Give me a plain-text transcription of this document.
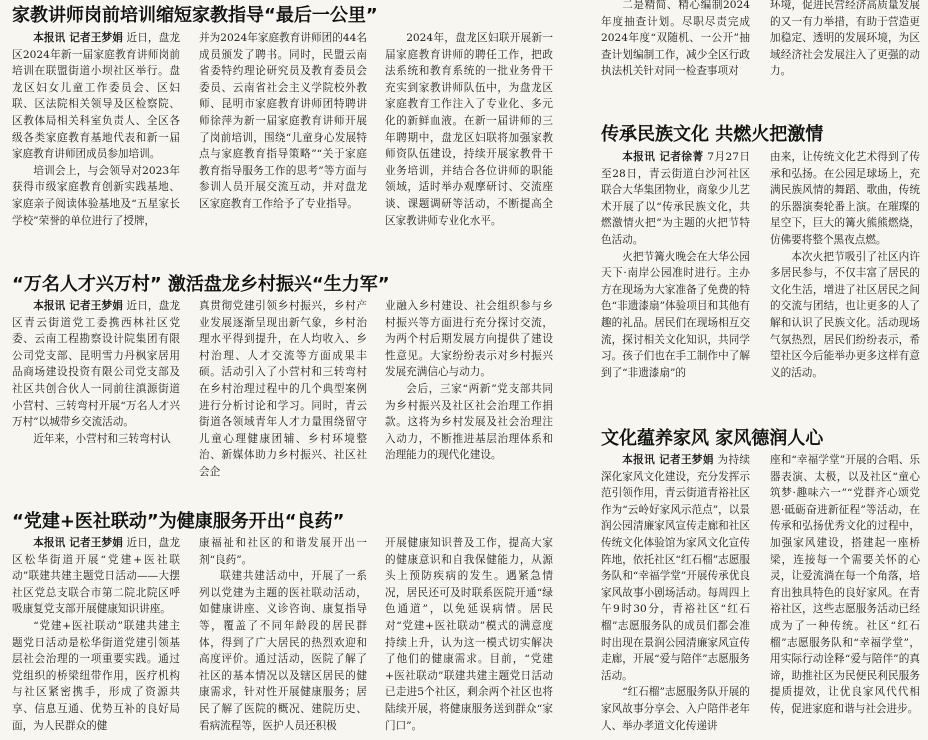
家教讲师岗前培训缩短家教指导“最后一公里”

本报讯 记者王梦娟 近日，盘龙区2024年新一届家庭教育讲师岗前培训在联盟街道小坝社区举行。盘龙区妇女儿童工作委员会、区妇联、区法院相关领导及区检察院、区教体局相关科室负责人、全区各级各类家庭教育基地代表和新一届家庭教育讲师团成员参加培训。

培训会上，与会领导对2023年获得市级家庭教育创新实践基地、家庭亲子阅读体验基地及“五星家长学校”荣誉的单位进行了授牌，

并为2024年家庭教育讲师团的44名成员颁发了聘书。同时，民盟云南省委特约理论研究员及教育委员会委员、云南省社会主义学院校外教师、昆明市家庭教育讲师团特聘讲师徐萍为新一届家庭教育讲师开展了岗前培训，围绕“儿童身心发展特点与家庭教育指导策略”“关于家庭教育指导服务工作的思考”等方面与参训人员开展交流互动，并对盘龙区家庭教育工作给予了专业指导。

2024年，盘龙区妇联开展新一届家庭教育讲师的聘任工作，把政法系统和教育系统的一批业务骨干充实到家教讲师队伍中，为盘龙区家庭教育工作注入了专业化、多元化的新鲜血液。在新一届讲师的三年聘期中，盘龙区妇联将加强家教师资队伍建设，持续开展家教骨干业务培训，并结合各位讲师的职能领域，适时举办观摩研讨、交流座谈、课题调研等活动，不断提高全区家教讲师专业化水平。

“万名人才兴万村” 激活盘龙乡村振兴“生力军”

本报讯 记者王梦娟 近日，盘龙区青云街道党工委携西林社区党委、云南工程勘察设计院集团有限公司党支部、昆明雪力丹枫家居用品商场建设投资有限公司党支部及社区共创合伙人一同前往滇源街道小营村、三转弯村开展“万名人才兴万村”以城带乡交流活动。

近年来，小营村和三转弯村认

真贯彻党建引领乡村振兴，乡村产业发展逐渐呈现出新气象，乡村治理水平得到提升，在人均收入、乡村治理、人才交流等方面成果丰硕。活动引入了小营村和三转弯村在乡村治理过程中的几个典型案例进行分析讨论和学习。同时，青云街道各领域青年人才力量围绕留守儿童心理健康团辅、乡村环境整治、新媒体助力乡村振兴、社区社会企

业融入乡村建设、社会组织参与乡村振兴等方面进行充分探讨交流，为两个村后期发展方向提供了建设性意见。大家纷纷表示对乡村振兴发展充满信心与动力。

会后，三家“两新”党支部共同为乡村振兴及社区社会治理工作捐款。这将为乡村发展及社会治理注入动力，不断推进基层治理体系和治理能力的现代化建设。

“党建+医社联动”为健康服务开出“良药”

本报讯 记者王梦娟 近日，盘龙区松华街道开展“党建+医社联动”联建共建主题党日活动——大摆社区党总支联合市第二院北院区呼吸康复党支部开展健康知识讲座。

“党建+医社联动”联建共建主题党日活动是松华街道党建引领基层社会治理的一项重要实践。通过党组织的桥梁纽带作用，医疗机构与社区紧密携手，形成了资源共享、信息互通、优势互补的良好局面，为人民群众的健

康福祉和社区的和谐发展开出一剂“良药”。

联建共建活动中，开展了一系列以党建为主题的医社联动活动，如健康讲座、义诊咨询、康复指导等，覆盖了不同年龄段的居民群体，得到了广大居民的热烈欢迎和高度评价。通过活动，医院了解了社区的基本情况以及辖区居民的健康需求，针对性开展健康服务；居民了解了医院的概况、建院历史、看病流程等，医护人员还积极

开展健康知识普及工作，提高大家的健康意识和自我保健能力，从源头上预防疾病的发生。遇紧急情况，居民还可及时联系医院开通“绿色通道”，以免延误病情。居民对“党建+医社联动”模式的满意度持续上升，认为这一模式切实解决了他们的健康需求。目前，“党建+医社联动”联建共建主题党日活动已走进5个社区，剩余两个社区也将陆续开展，将健康服务送到群众“家门口”。

二是精简、精心编制2024年度抽查计划。尽职尽责完成2024年度“双随机、一公开”抽查计划编制工作，减少全区行政执法机关针对同一检查事项对

环境，促进民营经济高质量发展的又一有力举措，有助于营造更加稳定、透明的发展环境，为区域经济社会发展注入了更强的动力。

传承民族文化 共燃火把激情

本报讯 记者徐菁 7月27日至28日，青云街道白沙河社区联合大华集团物业，商象少儿艺术开展了以“传承民族文化，共燃激情火把”为主题的火把节特色活动。

火把节篝火晚会在大华公园天下·南岸公园准时进行。主办方在现场为大家准备了免费的特色“非遗漆扇”体验项目和其他有趣的礼品。居民们在现场相互交流，探讨相关文化知识，共同学习。孩子们也在手工制作中了解到了“非遗漆扇”的

由来，让传统文化艺术得到了传承和弘扬。在公园足球场上，充满民族风情的舞蹈、歌曲，传统的乐器演奏轮番上演。在璀璨的星空下，巨大的篝火熊熊燃烧，仿佛要将整个黑夜点燃。

本次火把节吸引了社区内许多居民参与，不仅丰富了居民的文化生活，增进了社区居民之间的交流与团结，也让更多的人了解和认识了民族文化。活动现场气氛热烈，居民们纷纷表示，希望社区今后能举办更多这样有意义的活动。

文化蕴养家风 家风德润人心

本报讯 记者王梦娟 为持续深化家风文化建设，充分发挥示范引领作用，青云街道青裕社区作为“云岭好家风示范点”，以景润公园清廉家风宣传走廊和社区传统文化体验馆为家风文化宣传阵地，依托社区“红石榴”志愿服务队和“幸福学堂”开展传承优良家风故事小剧场活动。每周四上午9时30分，青裕社区“红石榴”志愿服务队的成员们都会准时出现在景润公园清廉家风宣传走廊，开展“爱与陪伴”志愿服务活动。

“红石榴”志愿服务队开展的家风故事分享会、入户陪伴老年人、举办孝道文化传递讲

座和“幸福学堂”开展的合唱、乐器表演、太极，以及社区“童心筑梦·趣味六一”“党群齐心颂党恩·砥砺奋进新征程”等活动，在传承和弘扬优秀文化的过程中，加强家风建设，搭建起一座桥梁，连接每一个需要关怀的心灵，让爱流淌在每一个角落，培育出独具特色的良好家风。在青裕社区，这些志愿服务活动已经成为了一种传统。社区“红石榴”志愿服务队和“幸福学堂”，用实际行动诠释“爱与陪伴”的真谛，助推社区为民便民利民服务提质提效，让优良家风代代相传，促进家庭和谐与社会进步。
